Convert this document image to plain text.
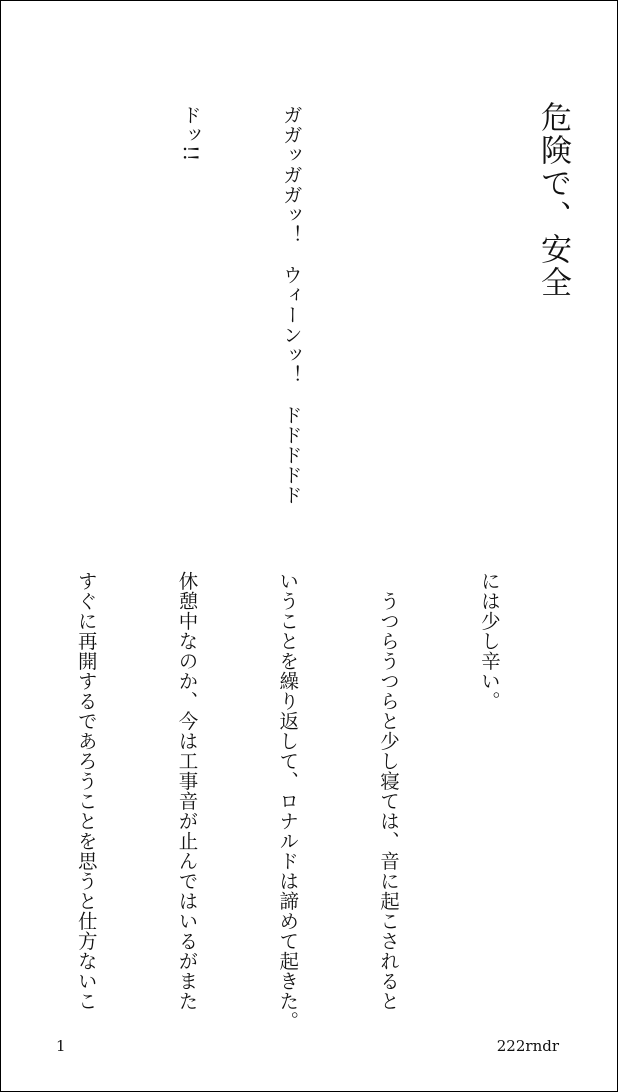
危険で、安全

ガガッガガッ！　ウィーンッ！　ドドドドド

ドッ!!

には少し辛い。

　うつらうつらと少し寝ては、音に起こされると

いうことを繰り返して、ロナルドは諦めて起きた。

休憩中なのか、今は工事音が止んではいるがまた

すぐに再開するであろうことを思うと仕方ないこ

1	222rndr
